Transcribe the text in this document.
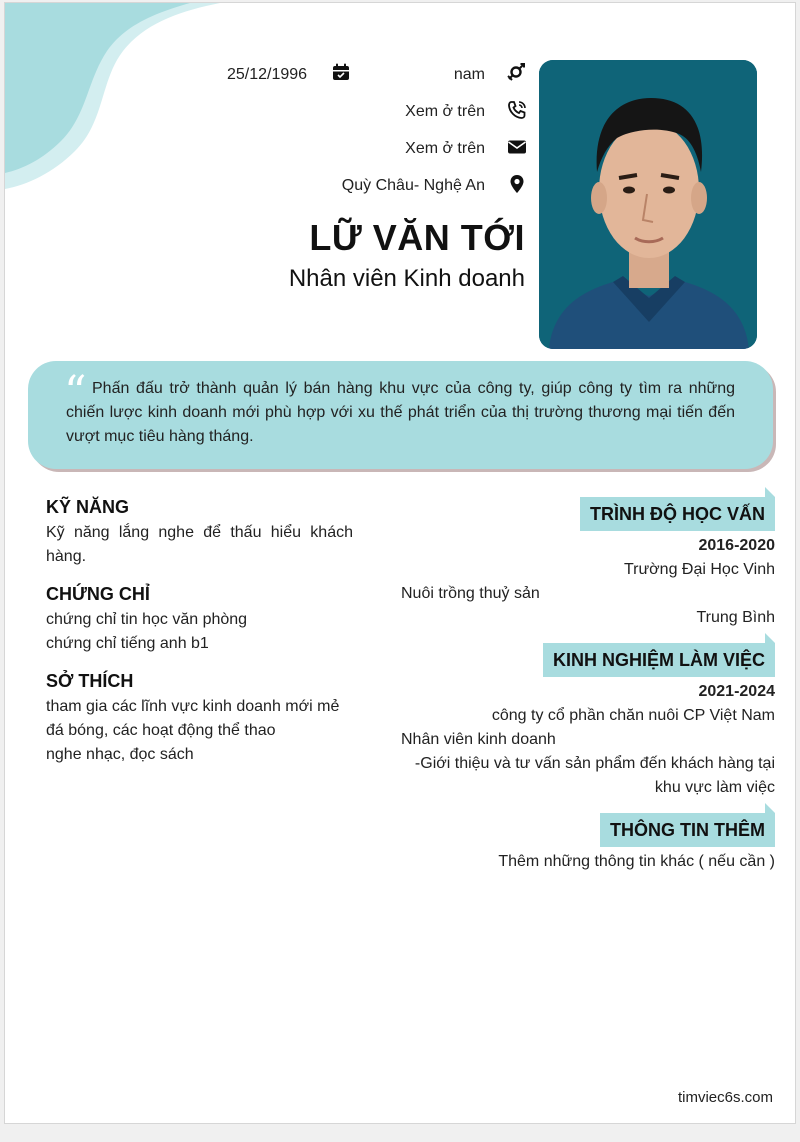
25/12/1996	nam
Xem ở trên
Xem ở trên
Quỳ Châu- Nghệ An
LỮ VĂN TỚI
Nhân viên Kinh doanh
“ Phấn đấu trở thành quản lý bán hàng khu vực của công ty, giúp công ty tìm ra những chiến lược kinh doanh mới phù hợp với xu thế phát triển của thị trường thương mại tiến đến vượt mục tiêu hàng tháng.
KỸ NĂNG
Kỹ năng lắng nghe để thấu hiểu khách hàng.
CHỨNG CHỈ
chứng chỉ tin học văn phòng
chứng chỉ tiếng anh b1
SỞ THÍCH
tham gia các lĩnh vực kinh doanh mới mẻ
đá bóng, các hoạt động thể thao
nghe nhạc, đọc sách
TRÌNH ĐỘ HỌC VẤN
2016-2020
Trường Đại Học Vinh
Nuôi trồng thuỷ sản
Trung Bình
KINH NGHIỆM LÀM VIỆC
2021-2024
công ty cổ phần chăn nuôi CP Việt Nam
Nhân viên kinh doanh
-Giới thiệu và tư vấn sản phẩm đến khách hàng tại
khu vực làm việc
THÔNG TIN THÊM
Thêm những thông tin khác ( nếu cần )
timviec6s.com
